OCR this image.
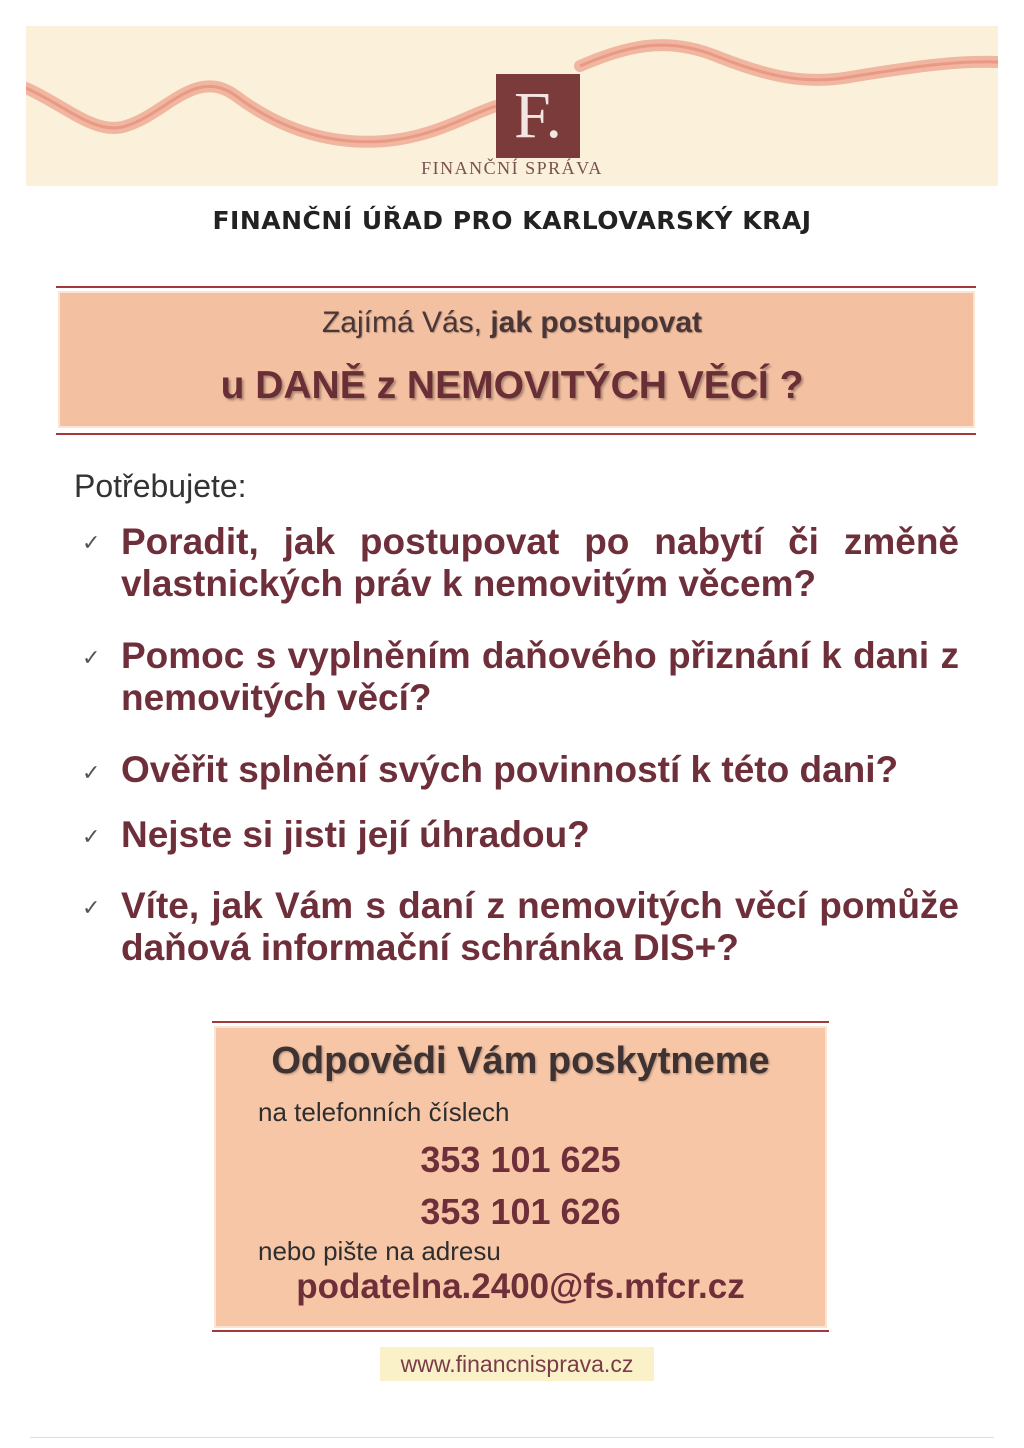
F.
FINANČNÍ SPRÁVA
FINANČNÍ ÚŘAD PRO KARLOVARSKÝ KRAJ
Zajímá Vás, jak postupovat
u DANĚ z NEMOVITÝCH VĚCÍ ?
Potřebujete:
✓ Poradit, jak postupovat po nabytí či změně vlastnických práv k nemovitým věcem?
✓ Pomoc s vyplněním daňového přiznání k dani z nemovitých věcí?
✓ Ověřit splnění svých povinností k této dani?
✓ Nejste si jisti její úhradou?
✓ Víte, jak Vám s daní z nemovitých věcí pomůže daňová informační schránka DIS+?
Odpovědi Vám poskytneme
na telefonních číslech
353 101 625
353 101 626
nebo pište na adresu
podatelna.2400@fs.mfcr.cz
www.financnisprava.cz
